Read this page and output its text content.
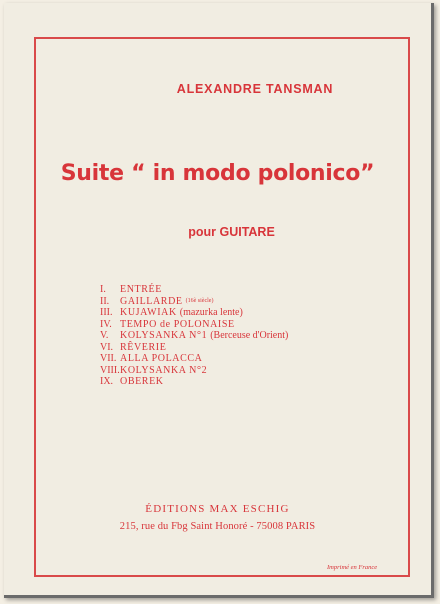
ALEXANDRE TANSMAN
Suite “ in modo polonico”
pour GUITARE
I.	ENTRÉE
II.	GAILLARDE (16è siècle)
III. KUJAWIAK (mazurka lente)
IV. TEMPO de POLONAISE
V.	KOLYSANKA N°1 (Berceuse d'Orient)
VI. RÊVERIE
VII. ALLA POLACCA
VIII. KOLYSANKA N°2
IX. OBEREK
ÉDITIONS MAX ESCHIG
215, rue du Fbg Saint Honoré - 75008 PARIS
Imprimé en France
